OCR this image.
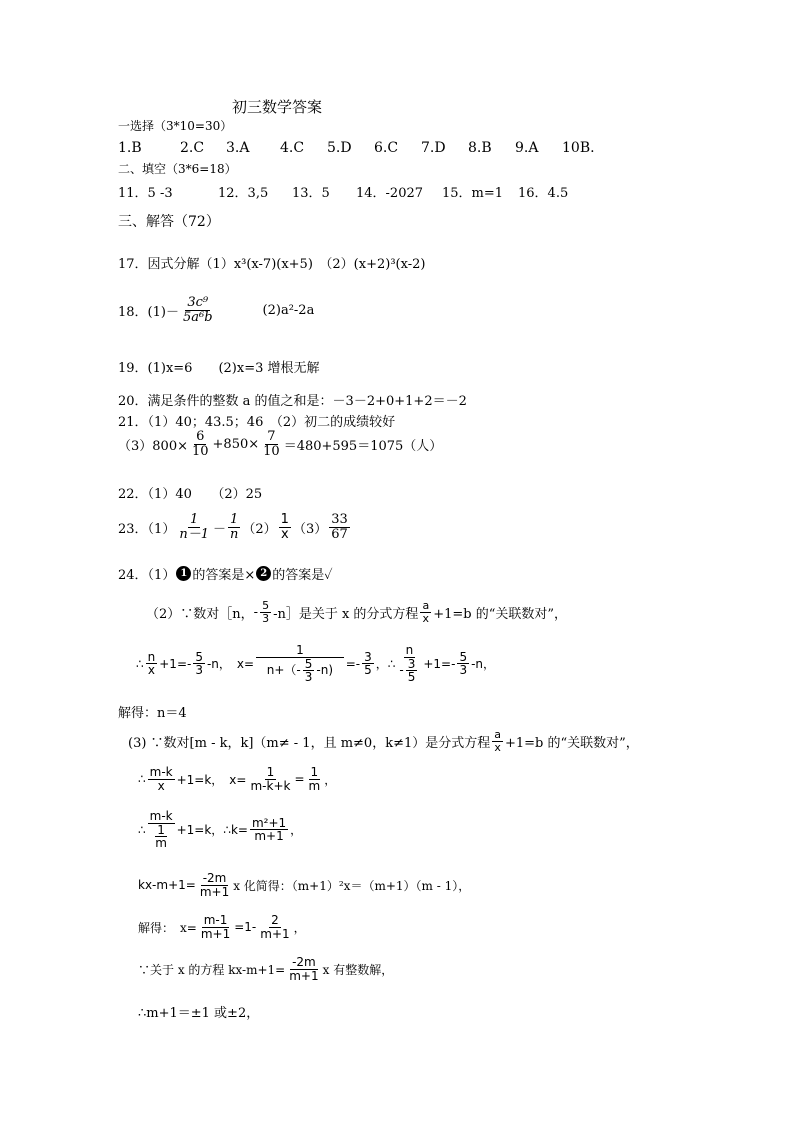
初三数学答案
一选择（3*10=30）
1.B	2.C	3.A	4.C	5.D	6.C	7.D	8.B	9.A	10B.
二、填空（3*6=18）
11．5 -3	12．3,5	13．5	14．-2027	15．m=1	16．4.5
三、解答（72）
17．因式分解（1）x³(x-7)(x+5)　（2）(x+2)³(x-2)
18．$(1)- \frac{\text{3c⁹}}{\text{5a⁶b}}$	(2)a²-2a
19．(1)x=6　　(2)x=3 增根无解
20．满足条件的整数 a 的值之和是：－3－2+0+1+2＝－2
21．（1）40；43.5；46　（2）初二的成绩较好
$(3)800\times \frac{6}{10} +850\times \frac{7}{10} =480+595=1075$（人）
22．（1）40　　（2）25
23．$(1) \frac{1}{n-1} - \frac{1}{n} (2) \frac{1}{x} (3) \frac{33}{67}$
24．（1） 1 的答案是× 2 的答案是✓
（2）∵数对［n， - $\frac{5}{3}$ -n］是关于 x 的分式方程 $\frac{a}{x} +1=b$ 的“关联数对”，
∴ $\frac{n}{x} +1=- \frac{5}{3} -n$，　$x= \frac{1}{n+(- \frac{5}{3} -n)} =- \frac{3}{5}$ ，∴ $\frac{n}{- \frac{3}{5}} +1=- \frac{5}{3} -n$，
解得：n＝4
(3) ∵数对[m - k，k]（m≠ - 1，且 m≠0，k≠1）是分式方程 $\frac{a}{x} +1=b$ 的“关联数对”，
∴ $\frac{m-k}{x} +1=k$，　$x= \frac{1}{m-k+k} = \frac{1}{m}$ ，
∴ $\frac{m-k}{\frac{1}{m}} +1=k$，∴k= $\frac{\text{m²+1}}{m+1}$ ，
$kx-m+1= \frac{-2m}{m+1}$ x 化简得：（m+1）²x＝（m+1）（m - 1），
解得：　$x= \frac{m-1}{m+1} =1- \frac{2}{m+1}$ ，
∵关于 x 的方程 $kx-m+1= \frac{-2m}{m+1}$ x 有整数解，
∴m+1＝±1 或±2，
